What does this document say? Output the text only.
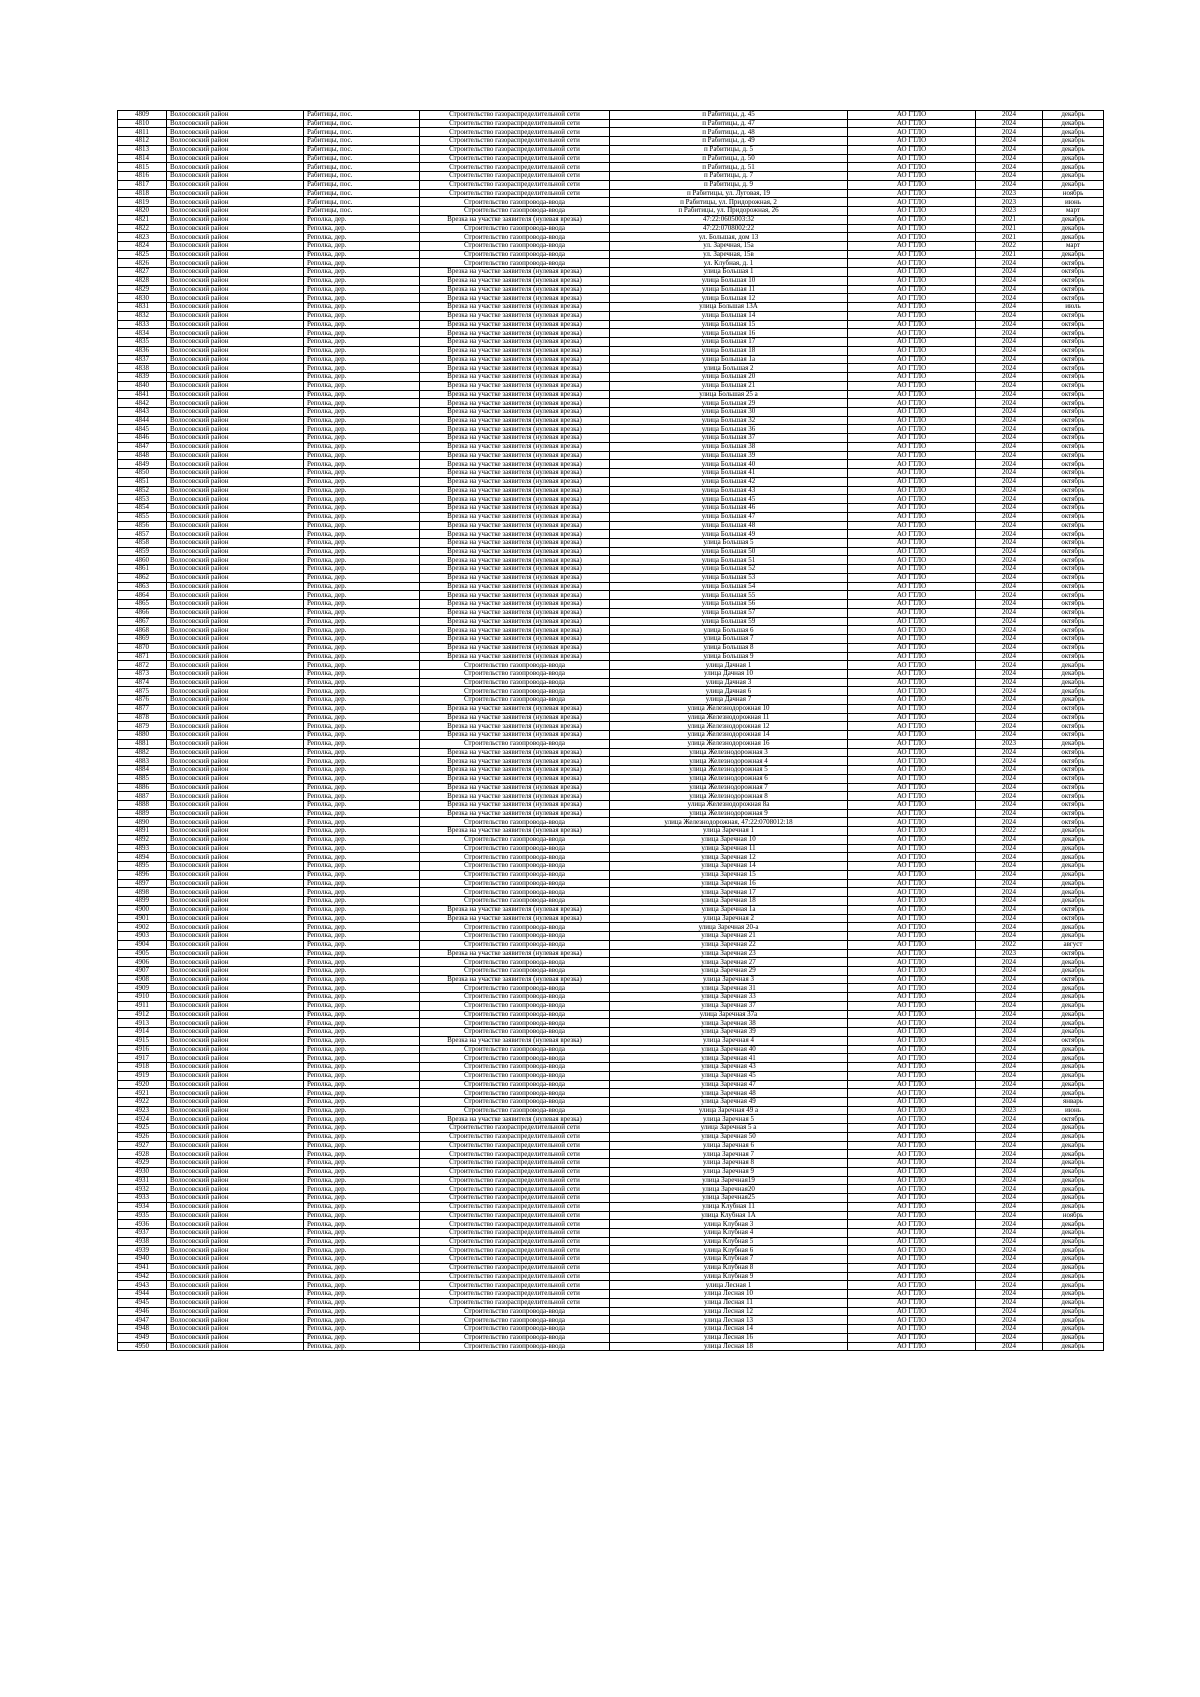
4809	Волосовский район	Рабитицы, пос.	Строительство газораспределительной сети	п Рабитицы, д. 45	АО ГТЛО	2024	декабрь
4810	Волосовский район	Рабитицы, пос.	Строительство газораспределительной сети	п Рабитицы, д. 47	АО ГТЛО	2024	декабрь
4811	Волосовский район	Рабитицы, пос.	Строительство газораспределительной сети	п Рабитицы, д. 48	АО ГТЛО	2024	декабрь
4812	Волосовский район	Рабитицы, пос.	Строительство газораспределительной сети	п Рабитицы, д. 49	АО ГТЛО	2024	декабрь
4813	Волосовский район	Рабитицы, пос.	Строительство газораспределительной сети	п Рабитицы, д. 5	АО ГТЛО	2024	декабрь
4814	Волосовский район	Рабитицы, пос.	Строительство газораспределительной сети	п Рабитицы, д. 50	АО ГТЛО	2024	декабрь
4815	Волосовский район	Рабитицы, пос.	Строительство газораспределительной сети	п Рабитицы, д. 51	АО ГТЛО	2024	декабрь
4816	Волосовский район	Рабитицы, пос.	Строительство газораспределительной сети	п Рабитицы, д. 7	АО ГТЛО	2024	декабрь
4817	Волосовский район	Рабитицы, пос.	Строительство газораспределительной сети	п Рабитицы, д. 9	АО ГТЛО	2024	декабрь
4818	Волосовский район	Рабитицы, пос.	Строительство газораспределительной сети	п Рабитицы, ул. Луговая, 19	АО ГТЛО	2023	ноябрь
4819	Волосовский район	Рабитицы, пос.	Строительство газопровода-ввода	п Рабитицы, ул. Придорожная, 2	АО ГТЛО	2023	июнь
4820	Волосовский район	Рабитицы, пос.	Строительство газопровода-ввода	п Рабитицы, ул. Придорожная, 26	АО ГТЛО	2023	март
4821	Волосовский район	Реполка, дер.	Врезка на участке заявителя (нулевая врезка)	47:22:0605003:32	АО ГТЛО	2021	декабрь
4822	Волосовский район	Реполка, дер.	Строительство газопровода-ввода	47:22:0708002:22	АО ГТЛО	2021	декабрь
4823	Волосовский район	Реполка, дер.	Строительство газопровода-ввода	ул. Большая, дом 13	АО ГТЛО	2021	декабрь
4824	Волосовский район	Реполка, дер.	Строительство газопровода-ввода	ул. Заречная, 15а	АО ГТЛО	2022	март
4825	Волосовский район	Реполка, дер.	Строительство газопровода-ввода	ул. Заречная, 15в	АО ГТЛО	2021	декабрь
4826	Волосовский район	Реполка, дер.	Строительство газопровода-ввода	ул. Клубная, д. 1	АО ГТЛО	2024	октябрь
4827	Волосовский район	Реполка, дер.	Врезка на участке заявителя (нулевая врезка)	улица Большая 1	АО ГТЛО	2024	октябрь
4828	Волосовский район	Реполка, дер.	Врезка на участке заявителя (нулевая врезка)	улица Большая 10	АО ГТЛО	2024	октябрь
4829	Волосовский район	Реполка, дер.	Врезка на участке заявителя (нулевая врезка)	улица Большая 11	АО ГТЛО	2024	октябрь
4830	Волосовский район	Реполка, дер.	Врезка на участке заявителя (нулевая врезка)	улица Большая 12	АО ГТЛО	2024	октябрь
4831	Волосовский район	Реполка, дер.	Врезка на участке заявителя (нулевая врезка)	улица Большая 13А	АО ГТЛО	2024	июль
4832	Волосовский район	Реполка, дер.	Врезка на участке заявителя (нулевая врезка)	улица Большая 14	АО ГТЛО	2024	октябрь
4833	Волосовский район	Реполка, дер.	Врезка на участке заявителя (нулевая врезка)	улица Большая 15	АО ГТЛО	2024	октябрь
4834	Волосовский район	Реполка, дер.	Врезка на участке заявителя (нулевая врезка)	улица Большая 16	АО ГТЛО	2024	октябрь
4835	Волосовский район	Реполка, дер.	Врезка на участке заявителя (нулевая врезка)	улица Большая 17	АО ГТЛО	2024	октябрь
4836	Волосовский район	Реполка, дер.	Врезка на участке заявителя (нулевая врезка)	улица Большая 18	АО ГТЛО	2024	октябрь
4837	Волосовский район	Реполка, дер.	Врезка на участке заявителя (нулевая врезка)	улица Большая 1а	АО ГТЛО	2024	октябрь
4838	Волосовский район	Реполка, дер.	Врезка на участке заявителя (нулевая врезка)	улица Большая 2	АО ГТЛО	2024	октябрь
4839	Волосовский район	Реполка, дер.	Врезка на участке заявителя (нулевая врезка)	улица Большая 20	АО ГТЛО	2024	октябрь
4840	Волосовский район	Реполка, дер.	Врезка на участке заявителя (нулевая врезка)	улица Большая 21	АО ГТЛО	2024	октябрь
4841	Волосовский район	Реполка, дер.	Врезка на участке заявителя (нулевая врезка)	улица Большая 25 а	АО ГТЛО	2024	октябрь
4842	Волосовский район	Реполка, дер.	Врезка на участке заявителя (нулевая врезка)	улица Большая 29	АО ГТЛО	2024	октябрь
4843	Волосовский район	Реполка, дер.	Врезка на участке заявителя (нулевая врезка)	улица Большая 30	АО ГТЛО	2024	октябрь
4844	Волосовский район	Реполка, дер.	Врезка на участке заявителя (нулевая врезка)	улица Большая 32	АО ГТЛО	2024	октябрь
4845	Волосовский район	Реполка, дер.	Врезка на участке заявителя (нулевая врезка)	улица Большая 36	АО ГТЛО	2024	октябрь
4846	Волосовский район	Реполка, дер.	Врезка на участке заявителя (нулевая врезка)	улица Большая 37	АО ГТЛО	2024	октябрь
4847	Волосовский район	Реполка, дер.	Врезка на участке заявителя (нулевая врезка)	улица Большая 38	АО ГТЛО	2024	октябрь
4848	Волосовский район	Реполка, дер.	Врезка на участке заявителя (нулевая врезка)	улица Большая 39	АО ГТЛО	2024	октябрь
4849	Волосовский район	Реполка, дер.	Врезка на участке заявителя (нулевая врезка)	улица Большая 40	АО ГТЛО	2024	октябрь
4850	Волосовский район	Реполка, дер.	Врезка на участке заявителя (нулевая врезка)	улица Большая 41	АО ГТЛО	2024	октябрь
4851	Волосовский район	Реполка, дер.	Врезка на участке заявителя (нулевая врезка)	улица Большая 42	АО ГТЛО	2024	октябрь
4852	Волосовский район	Реполка, дер.	Врезка на участке заявителя (нулевая врезка)	улица Большая 43	АО ГТЛО	2024	октябрь
4853	Волосовский район	Реполка, дер.	Врезка на участке заявителя (нулевая врезка)	улица Большая 45	АО ГТЛО	2024	октябрь
4854	Волосовский район	Реполка, дер.	Врезка на участке заявителя (нулевая врезка)	улица Большая 46	АО ГТЛО	2024	октябрь
4855	Волосовский район	Реполка, дер.	Врезка на участке заявителя (нулевая врезка)	улица Большая 47	АО ГТЛО	2024	октябрь
4856	Волосовский район	Реполка, дер.	Врезка на участке заявителя (нулевая врезка)	улица Большая 48	АО ГТЛО	2024	октябрь
4857	Волосовский район	Реполка, дер.	Врезка на участке заявителя (нулевая врезка)	улица Большая 49	АО ГТЛО	2024	октябрь
4858	Волосовский район	Реполка, дер.	Врезка на участке заявителя (нулевая врезка)	улица Большая 5	АО ГТЛО	2024	октябрь
4859	Волосовский район	Реполка, дер.	Врезка на участке заявителя (нулевая врезка)	улица Большая 50	АО ГТЛО	2024	октябрь
4860	Волосовский район	Реполка, дер.	Врезка на участке заявителя (нулевая врезка)	улица Большая 51	АО ГТЛО	2024	октябрь
4861	Волосовский район	Реполка, дер.	Врезка на участке заявителя (нулевая врезка)	улица Большая 52	АО ГТЛО	2024	октябрь
4862	Волосовский район	Реполка, дер.	Врезка на участке заявителя (нулевая врезка)	улица Большая 53	АО ГТЛО	2024	октябрь
4863	Волосовский район	Реполка, дер.	Врезка на участке заявителя (нулевая врезка)	улица Большая 54	АО ГТЛО	2024	октябрь
4864	Волосовский район	Реполка, дер.	Врезка на участке заявителя (нулевая врезка)	улица Большая 55	АО ГТЛО	2024	октябрь
4865	Волосовский район	Реполка, дер.	Врезка на участке заявителя (нулевая врезка)	улица Большая 56	АО ГТЛО	2024	октябрь
4866	Волосовский район	Реполка, дер.	Врезка на участке заявителя (нулевая врезка)	улица Большая 57	АО ГТЛО	2024	октябрь
4867	Волосовский район	Реполка, дер.	Врезка на участке заявителя (нулевая врезка)	улица Большая 59	АО ГТЛО	2024	октябрь
4868	Волосовский район	Реполка, дер.	Врезка на участке заявителя (нулевая врезка)	улица Большая 6	АО ГТЛО	2024	октябрь
4869	Волосовский район	Реполка, дер.	Врезка на участке заявителя (нулевая врезка)	улица Большая 7	АО ГТЛО	2024	октябрь
4870	Волосовский район	Реполка, дер.	Врезка на участке заявителя (нулевая врезка)	улица Большая 8	АО ГТЛО	2024	октябрь
4871	Волосовский район	Реполка, дер.	Врезка на участке заявителя (нулевая врезка)	улица Большая 9	АО ГТЛО	2024	октябрь
4872	Волосовский район	Реполка, дер.	Строительство газопровода-ввода	улица Дачная 1	АО ГТЛО	2024	декабрь
4873	Волосовский район	Реполка, дер.	Строительство газопровода-ввода	улица Дачная 10	АО ГТЛО	2024	декабрь
4874	Волосовский район	Реполка, дер.	Строительство газопровода-ввода	улица Дачная 3	АО ГТЛО	2024	декабрь
4875	Волосовский район	Реполка, дер.	Строительство газопровода-ввода	улица Дачная 6	АО ГТЛО	2024	декабрь
4876	Волосовский район	Реполка, дер.	Строительство газопровода-ввода	улица Дачная 7	АО ГТЛО	2024	декабрь
4877	Волосовский район	Реполка, дер.	Врезка на участке заявителя (нулевая врезка)	улица Железнодорожная 10	АО ГТЛО	2024	октябрь
4878	Волосовский район	Реполка, дер.	Врезка на участке заявителя (нулевая врезка)	улица Железнодорожная 11	АО ГТЛО	2024	октябрь
4879	Волосовский район	Реполка, дер.	Врезка на участке заявителя (нулевая врезка)	улица Железнодорожная 12	АО ГТЛО	2024	октябрь
4880	Волосовский район	Реполка, дер.	Врезка на участке заявителя (нулевая врезка)	улица Железнодорожная 14	АО ГТЛО	2024	октябрь
4881	Волосовский район	Реполка, дер.	Строительство газопровода-ввода	улица Железнодорожная 16	АО ГТЛО	2023	декабрь
4882	Волосовский район	Реполка, дер.	Врезка на участке заявителя (нулевая врезка)	улица Железнодорожная 3	АО ГТЛО	2024	октябрь
4883	Волосовский район	Реполка, дер.	Врезка на участке заявителя (нулевая врезка)	улица Железнодорожная 4	АО ГТЛО	2024	октябрь
4884	Волосовский район	Реполка, дер.	Врезка на участке заявителя (нулевая врезка)	улица Железнодорожная 5	АО ГТЛО	2024	октябрь
4885	Волосовский район	Реполка, дер.	Врезка на участке заявителя (нулевая врезка)	улица Железнодорожная 6	АО ГТЛО	2024	октябрь
4886	Волосовский район	Реполка, дер.	Врезка на участке заявителя (нулевая врезка)	улица Железнодорожная 7	АО ГТЛО	2024	октябрь
4887	Волосовский район	Реполка, дер.	Врезка на участке заявителя (нулевая врезка)	улица Железнодорожная 8	АО ГТЛО	2024	октябрь
4888	Волосовский район	Реполка, дер.	Врезка на участке заявителя (нулевая врезка)	улица Железнодорожная 8а	АО ГТЛО	2024	октябрь
4889	Волосовский район	Реполка, дер.	Врезка на участке заявителя (нулевая врезка)	улица Железнодорожная 9	АО ГТЛО	2024	октябрь
4890	Волосовский район	Реполка, дер.	Строительство газопровода-ввода	улица Железнодорожная, 47:22:0708012:18	АО ГТЛО	2024	октябрь
4891	Волосовский район	Реполка, дер.	Врезка на участке заявителя (нулевая врезка)	улица Заречная 1	АО ГТЛО	2022	декабрь
4892	Волосовский район	Реполка, дер.	Строительство газопровода-ввода	улица Заречная 10	АО ГТЛО	2024	декабрь
4893	Волосовский район	Реполка, дер.	Строительство газопровода-ввода	улица Заречная 11	АО ГТЛО	2024	декабрь
4894	Волосовский район	Реполка, дер.	Строительство газопровода-ввода	улица Заречная 12	АО ГТЛО	2024	декабрь
4895	Волосовский район	Реполка, дер.	Строительство газопровода-ввода	улица Заречная 14	АО ГТЛО	2024	декабрь
4896	Волосовский район	Реполка, дер.	Строительство газопровода-ввода	улица Заречная 15	АО ГТЛО	2024	декабрь
4897	Волосовский район	Реполка, дер.	Строительство газопровода-ввода	улица Заречная 16	АО ГТЛО	2024	декабрь
4898	Волосовский район	Реполка, дер.	Строительство газопровода-ввода	улица Заречная 17	АО ГТЛО	2024	декабрь
4899	Волосовский район	Реполка, дер.	Строительство газопровода-ввода	улица Заречная 18	АО ГТЛО	2024	декабрь
4900	Волосовский район	Реполка, дер.	Врезка на участке заявителя (нулевая врезка)	улица Заречная 1а	АО ГТЛО	2024	октябрь
4901	Волосовский район	Реполка, дер.	Врезка на участке заявителя (нулевая врезка)	улица Заречная 2	АО ГТЛО	2024	октябрь
4902	Волосовский район	Реполка, дер.	Строительство газопровода-ввода	улица Заречная 20-а	АО ГТЛО	2024	декабрь
4903	Волосовский район	Реполка, дер.	Строительство газопровода-ввода	улица Заречная 21	АО ГТЛО	2024	декабрь
4904	Волосовский район	Реполка, дер.	Строительство газопровода-ввода	улица Заречная 22	АО ГТЛО	2022	август
4905	Волосовский район	Реполка, дер.	Врезка на участке заявителя (нулевая врезка)	улица Заречная 23	АО ГТЛО	2023	октябрь
4906	Волосовский район	Реполка, дер.	Строительство газопровода-ввода	улица Заречная 27	АО ГТЛО	2024	декабрь
4907	Волосовский район	Реполка, дер.	Строительство газопровода-ввода	улица Заречная 29	АО ГТЛО	2024	декабрь
4908	Волосовский район	Реполка, дер.	Врезка на участке заявителя (нулевая врезка)	улица Заречная 3	АО ГТЛО	2024	октябрь
4909	Волосовский район	Реполка, дер.	Строительство газопровода-ввода	улица Заречная 31	АО ГТЛО	2024	декабрь
4910	Волосовский район	Реполка, дер.	Строительство газопровода-ввода	улица Заречная 33	АО ГТЛО	2024	декабрь
4911	Волосовский район	Реполка, дер.	Строительство газопровода-ввода	улица Заречная 37	АО ГТЛО	2024	декабрь
4912	Волосовский район	Реполка, дер.	Строительство газопровода-ввода	улица Заречная 37а	АО ГТЛО	2024	декабрь
4913	Волосовский район	Реполка, дер.	Строительство газопровода-ввода	улица Заречная 38	АО ГТЛО	2024	декабрь
4914	Волосовский район	Реполка, дер.	Строительство газопровода-ввода	улица Заречная 39	АО ГТЛО	2024	декабрь
4915	Волосовский район	Реполка, дер.	Врезка на участке заявителя (нулевая врезка)	улица Заречная 4	АО ГТЛО	2024	октябрь
4916	Волосовский район	Реполка, дер.	Строительство газопровода-ввода	улица Заречная 40	АО ГТЛО	2024	декабрь
4917	Волосовский район	Реполка, дер.	Строительство газопровода-ввода	улица Заречная 41	АО ГТЛО	2024	декабрь
4918	Волосовский район	Реполка, дер.	Строительство газопровода-ввода	улица Заречная 43	АО ГТЛО	2024	декабрь
4919	Волосовский район	Реполка, дер.	Строительство газопровода-ввода	улица Заречная 45	АО ГТЛО	2024	декабрь
4920	Волосовский район	Реполка, дер.	Строительство газопровода-ввода	улица Заречная 47	АО ГТЛО	2024	декабрь
4921	Волосовский район	Реполка, дер.	Строительство газопровода-ввода	улица Заречная 48	АО ГТЛО	2024	декабрь
4922	Волосовский район	Реполка, дер.	Строительство газопровода-ввода	улица Заречная 49	АО ГТЛО	2024	январь
4923	Волосовский район	Реполка, дер.	Строительство газопровода-ввода	улица Заречная 49 а	АО ГТЛО	2023	июнь
4924	Волосовский район	Реполка, дер.	Врезка на участке заявителя (нулевая врезка)	улица Заречная 5	АО ГТЛО	2024	октябрь
4925	Волосовский район	Реполка, дер.	Строительство газораспределительной сети	улица Заречная 5 а	АО ГТЛО	2024	декабрь
4926	Волосовский район	Реполка, дер.	Строительство газораспределительной сети	улица Заречная 50	АО ГТЛО	2024	декабрь
4927	Волосовский район	Реполка, дер.	Строительство газораспределительной сети	улица Заречная 6	АО ГТЛО	2024	декабрь
4928	Волосовский район	Реполка, дер.	Строительство газораспределительной сети	улица Заречная 7	АО ГТЛО	2024	декабрь
4929	Волосовский район	Реполка, дер.	Строительство газораспределительной сети	улица Заречная 8	АО ГТЛО	2024	декабрь
4930	Волосовский район	Реполка, дер.	Строительство газораспределительной сети	улица Заречная 9	АО ГТЛО	2024	декабрь
4931	Волосовский район	Реполка, дер.	Строительство газораспределительной сети	улица Заречная19	АО ГТЛО	2024	декабрь
4932	Волосовский район	Реполка, дер.	Строительство газораспределительной сети	улица Заречная20	АО ГТЛО	2024	декабрь
4933	Волосовский район	Реполка, дер.	Строительство газораспределительной сети	улица Заречная25	АО ГТЛО	2024	декабрь
4934	Волосовский район	Реполка, дер.	Строительство газораспределительной сети	улица Клубная 11	АО ГТЛО	2024	декабрь
4935	Волосовский район	Реполка, дер.	Строительство газораспределительной сети	улица Клубная 1А	АО ГТЛО	2024	ноябрь
4936	Волосовский район	Реполка, дер.	Строительство газораспределительной сети	улица Клубная 3	АО ГТЛО	2024	декабрь
4937	Волосовский район	Реполка, дер.	Строительство газораспределительной сети	улица Клубная 4	АО ГТЛО	2024	декабрь
4938	Волосовский район	Реполка, дер.	Строительство газораспределительной сети	улица Клубная 5	АО ГТЛО	2024	декабрь
4939	Волосовский район	Реполка, дер.	Строительство газораспределительной сети	улица Клубная 6	АО ГТЛО	2024	декабрь
4940	Волосовский район	Реполка, дер.	Строительство газораспределительной сети	улица Клубная 7	АО ГТЛО	2024	декабрь
4941	Волосовский район	Реполка, дер.	Строительство газораспределительной сети	улица Клубная 8	АО ГТЛО	2024	декабрь
4942	Волосовский район	Реполка, дер.	Строительство газораспределительной сети	улица Клубная 9	АО ГТЛО	2024	декабрь
4943	Волосовский район	Реполка, дер.	Строительство газораспределительной сети	улица Лесная 1	АО ГТЛО	2024	декабрь
4944	Волосовский район	Реполка, дер.	Строительство газораспределительной сети	улица Лесная 10	АО ГТЛО	2024	декабрь
4945	Волосовский район	Реполка, дер.	Строительство газораспределительной сети	улица Лесная 11	АО ГТЛО	2024	декабрь
4946	Волосовский район	Реполка, дер.	Строительство газопровода-ввода	улица Лесная 12	АО ГТЛО	2024	декабрь
4947	Волосовский район	Реполка, дер.	Строительство газопровода-ввода	улица Лесная 13	АО ГТЛО	2024	декабрь
4948	Волосовский район	Реполка, дер.	Строительство газопровода-ввода	улица Лесная 14	АО ГТЛО	2024	декабрь
4949	Волосовский район	Реполка, дер.	Строительство газопровода-ввода	улица Лесная 16	АО ГТЛО	2024	декабрь
4950	Волосовский район	Реполка, дер.	Строительство газопровода-ввода	улица Лесная 18	АО ГТЛО	2024	декабрь
